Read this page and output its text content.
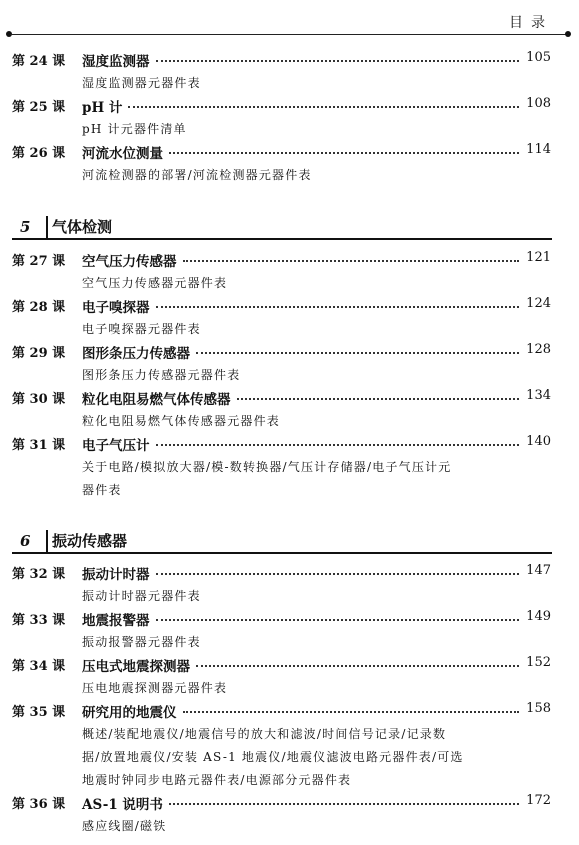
目录
第 24 课 湿度监测器	105
湿度监测器元器件表
第 25 课 pH 计	108
pH 计元器件清单
第 26 课 河流水位测量	114
河流检测器的部署/河流检测器元器件表
5 气体检测
第 27 课 空气压力传感器	121
空气压力传感器元器件表
第 28 课 电子嗅探器	124
电子嗅探器元器件表
第 29 课 图形条压力传感器	128
图形条压力传感器元器件表
第 30 课 粒化电阻易燃气体传感器	134
粒化电阻易燃气体传感器元器件表
第 31 课 电子气压计	140
关于电路/模拟放大器/模-数转换器/气压计存储器/电子气压计元
器件表
6 振动传感器
第 32 课 振动计时器	147
振动计时器元器件表
第 33 课 地震报警器	149
振动报警器元器件表
第 34 课 压电式地震探测器	152
压电地震探测器元器件表
第 35 课 研究用的地震仪	158
概述/装配地震仪/地震信号的放大和滤波/时间信号记录/记录数
据/放置地震仪/安装 AS-1 地震仪/地震仪滤波电路元器件表/可选
地震时钟同步电路元器件表/电源部分元器件表
第 36 课 AS-1 说明书	172
感应线圈/磁铁
